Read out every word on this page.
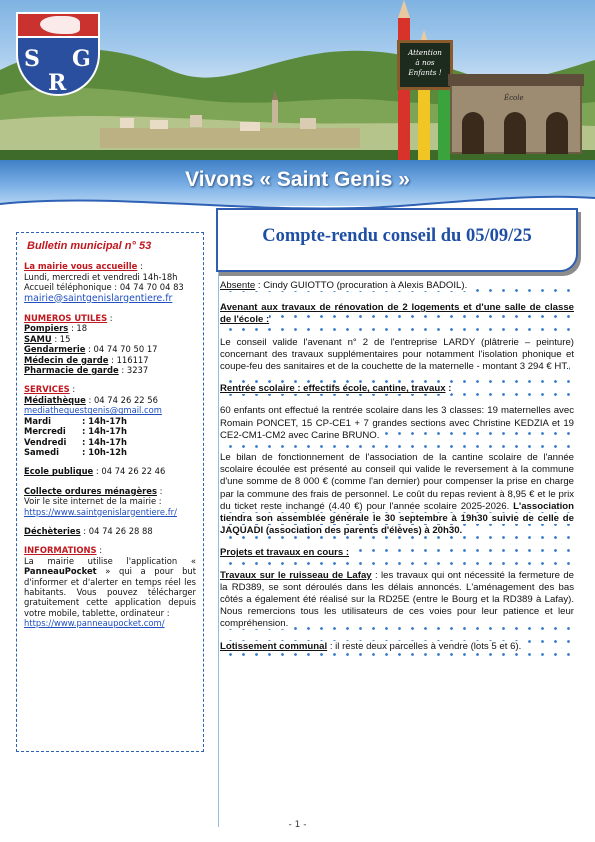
S G
R
Attention
à nos
Enfants !
École
Vivons « Saint Genis »
Bulletin municipal n° 53
La mairie vous accueille :
Lundi, mercredi et vendredi 14h-18h
Accueil téléphonique : 04 74 70 04 83
mairie@saintgenislargentiere.fr
NUMEROS UTILES :
Pompiers : 18
SAMU : 15
Gendarmerie : 04 74 70 50 17
Médecin de garde : 116117
Pharmacie de garde : 3237
SERVICES :
Médiathèque : 04 74 26 22 56
mediathequestgenis@gmail.com
Mardi	: 14h-17h
Mercredi	: 14h-17h
Vendredi	: 14h-17h
Samedi	: 10h-12h
Ecole publique : 04 74 26 22 46
Collecte ordures ménagères :
Voir le site internet de la mairie :
https://www.saintgenislargentiere.fr/
Déchèteries : 04 74 26 28 88
INFORMATIONS :
La mairie utilise l'application « PanneauPocket » qui a pour but d'informer et d'alerter en temps réel les habitants. Vous pouvez télécharger gratuitement cette application depuis votre mobile, tablette, ordinateur :
https://www.panneaupocket.com/
Compte-rendu conseil du 05/09/25

Absente : Cindy GUIOTTO (procuration à Alexis BADOIL).

Avenant aux travaux de rénovation de 2 logements et d'une salle de classe de l'école :

Le conseil valide l'avenant n° 2 de l'entreprise LARDY (plâtrerie – peinture) concernant des travaux supplémentaires pour notamment l'isolation phonique et coupe-feu des sanitaires et de la couchette de la maternelle - montant 3 294 € HT.

Rentrée scolaire : effectifs école, cantine, travaux :

60 enfants ont effectué la rentrée scolaire dans les 3 classes: 19 maternelles avec Romain PONCET, 15 CP-CE1 + 7 grandes sections avec Christine KEDZIA et 19 CE2-CM1-CM2 avec Carine BRUNO.

Le bilan de fonctionnement de l'association de la cantine scolaire de l'année scolaire écoulée est présenté au conseil qui valide le reversement à la commune d'une somme de 8 000 € (comme l'an dernier) pour compenser la prise en charge par la commune des frais de personnel. Le coût du repas revient à 8,95 € et le prix du ticket reste inchangé (4.40 €) pour l'année scolaire 2025-2026. L'association tiendra son assemblée générale le 30 septembre à 19h30 suivie de celle de JAQUADI (association des parents d'élèves) à 20h30.

Projets et travaux en cours :

Travaux sur le ruisseau de Lafay : les travaux qui ont nécessité la fermeture de la RD389, se sont déroulés dans les délais annoncés. L'aménagement des bas côtés a également été réalisé sur la RD25E (entre le Bourg et la RD389 à Lafay). Nous remercions tous les utilisateurs de ces voies pour leur patience et leur compréhension.

Lotissement communal : il reste deux parcelles à vendre (lots 5 et 6).

- 1 -
